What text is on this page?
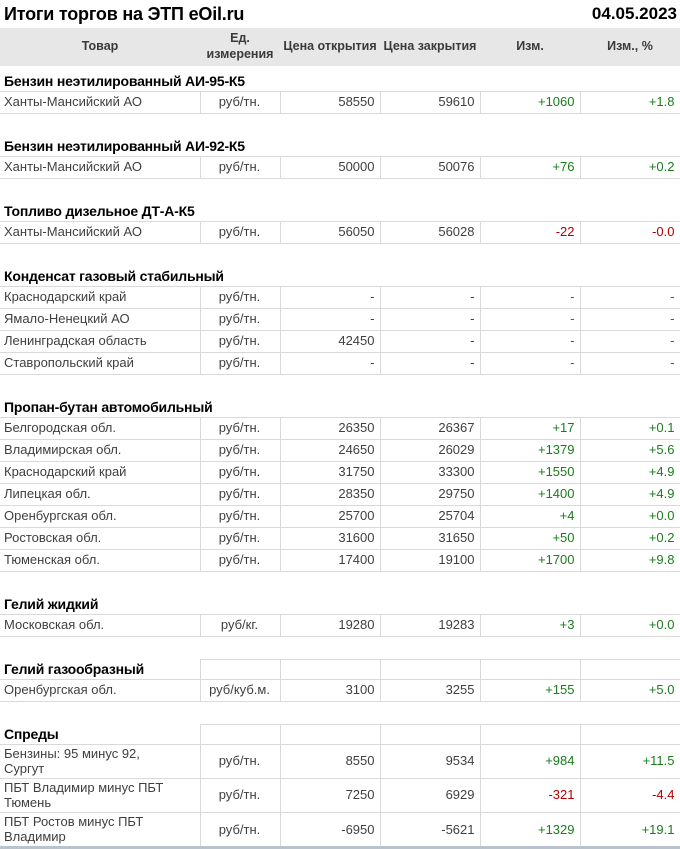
Итоги торгов на ЭТП eOil.ru	04.05.2023
Товар	Ед. измерения	Цена открытия	Цена закрытия	Изм.	Изм., %

Бензин неэтилированный АИ-95-К5					
Ханты-Мансийский АО	руб/тн.	58550	59610	+1060	+1.8

Бензин неэтилированный АИ-92-К5					
Ханты-Мансийский АО	руб/тн.	50000	50076	+76	+0.2

Топливо дизельное ДТ-А-К5					
Ханты-Мансийский АО	руб/тн.	56050	56028	-22	-0.0

Конденсат газовый стабильный					
Краснодарский край	руб/тн.	-	-	-	-
Ямало-Ненецкий АО	руб/тн.	-	-	-	-
Ленинградская область	руб/тн.	42450	-	-	-
Ставропольский край	руб/тн.	-	-	-	-

Пропан-бутан автомобильный					
Белгородская обл.	руб/тн.	26350	26367	+17	+0.1
Владимирская обл.	руб/тн.	24650	26029	+1379	+5.6
Краснодарский край	руб/тн.	31750	33300	+1550	+4.9
Липецкая обл.	руб/тн.	28350	29750	+1400	+4.9
Оренбургская обл.	руб/тн.	25700	25704	+4	+0.0
Ростовская обл.	руб/тн.	31600	31650	+50	+0.2
Тюменская обл.	руб/тн.	17400	19100	+1700	+9.8

Гелий жидкий					
Московская обл.	руб/кг.	19280	19283	+3	+0.0

Гелий газообразный					
Оренбургская обл.	руб/куб.м.	3100	3255	+155	+5.0

Спреды					
Бензины: 95 минус 92, Сургут	руб/тн.	8550	9534	+984	+11.5
ПБТ Владимир минус ПБТ Тюмень	руб/тн.	7250	6929	-321	-4.4
ПБТ Ростов минус ПБТ Владимир	руб/тн.	-6950	-5621	+1329	+19.1
